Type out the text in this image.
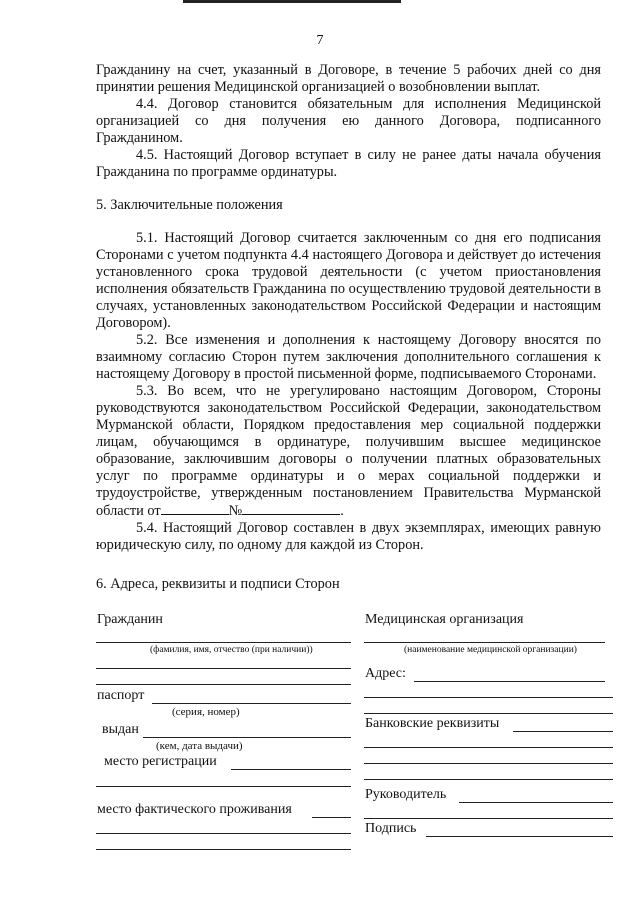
7

Гражданину на счет, указанный в Договоре, в течение 5 рабочих дней со дня принятии решения Медицинской организацией о возобновлении выплат.

4.4. Договор становится обязательным для исполнения Медицинской организацией со дня получения ею данного Договора, подписанного Гражданином.

4.5. Настоящий Договор вступает в силу не ранее даты начала обучения Гражданина по программе ординатуры.

5. Заключительные положения

5.1. Настоящий Договор считается заключенным со дня его подписания Сторонами с учетом подпункта 4.4 настоящего Договора и действует до истечения установленного срока трудовой деятельности (с учетом приостановления исполнения обязательств Гражданина по осуществлению трудовой деятельности в случаях, установленных законодательством Российской Федерации и настоящим Договором).

5.2. Все изменения и дополнения к настоящему Договору вносятся по взаимному согласию Сторон путем заключения дополнительного соглашения к настоящему Договору в простой письменной форме, подписываемого Сторонами.

5.3. Во всем, что не урегулировано настоящим Договором, Стороны руководствуются законодательством Российской Федерации, законодательством Мурманской области, Порядком предоставления мер социальной поддержки лицам, обучающимся в ординатуре, получившим высшее медицинское образование, заключившим договоры о получении платных образовательных услуг по программе ординатуры и о мерах социальной поддержки и трудоустройстве, утвержденным постановлением Правительства Мурманской области от	№	.

5.4. Настоящий Договор составлен в двух экземплярах, имеющих равную юридическую силу, по одному для каждой из Сторон.

6. Адреса, реквизиты и подписи Сторон

Гражданин
(фамилия, имя, отчество (при наличии))
паспорт
(серия, номер)
выдан
(кем, дата выдачи)
место регистрации
место фактического проживания
Медицинская организация
(наименование медицинской организации)
Адрес:
Банковские реквизиты
Руководитель
Подпись
